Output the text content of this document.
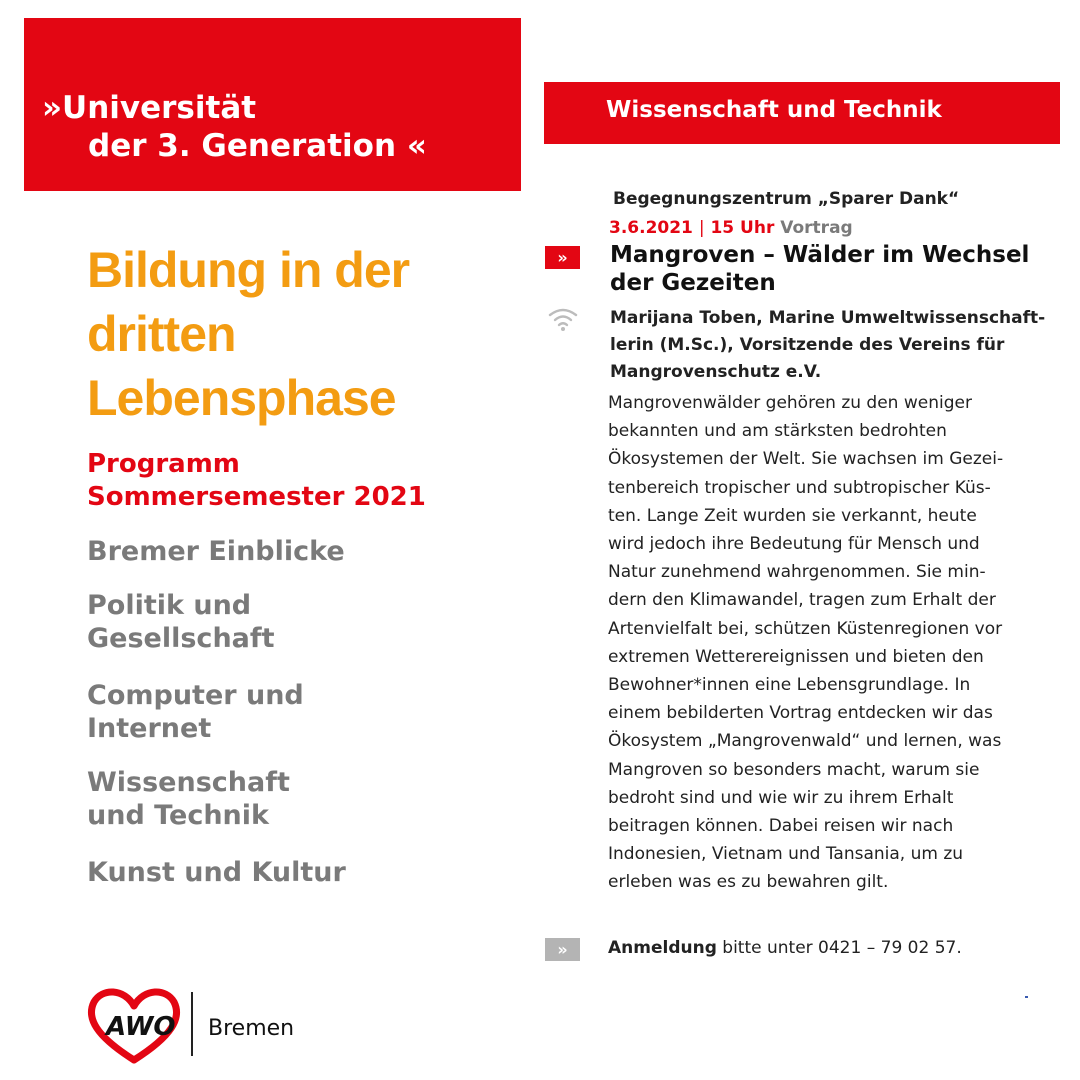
»Universität
der 3. Generation «
Wissenschaft und Technik
Bildung in der
dritten
Lebensphase

Programm
Sommersemester 2021

Bremer Einblicke

Politik und
Gesellschaft

Computer und
Internet

Wissenschaft
und Technik

Kunst und Kultur

AWO Bremen
Begegnungszentrum „Sparer Dank“
3.6.2021 | 15 Uhr Vortrag
»	Mangroven – Wälder im Wechsel
der Gezeiten

Marijana Toben, Marine Umweltwissenschaft-
lerin (M.Sc.), Vorsitzende des Vereins für
Mangrovenschutz e.V.

Mangrovenwälder gehören zu den weniger
bekannten und am stärksten bedrohten
Ökosystemen der Welt. Sie wachsen im Gezei-
tenbereich tropischer und subtropischer Küs-
ten. Lange Zeit wurden sie verkannt, heute
wird jedoch ihre Bedeutung für Mensch und
Natur zunehmend wahrgenommen. Sie min-
dern den Klimawandel, tragen zum Erhalt der
Artenvielfalt bei, schützen Küstenregionen vor
extremen Wetterereignissen und bieten den
Bewohner*innen eine Lebensgrundlage. In
einem bebilderten Vortrag entdecken wir das
Ökosystem „Mangrovenwald“ und lernen, was
Mangroven so besonders macht, warum sie
bedroht sind und wie wir zu ihrem Erhalt
beitragen können. Dabei reisen wir nach
Indonesien, Vietnam und Tansania, um zu
erleben was es zu bewahren gilt.

»	Anmeldung bitte unter 0421 – 79 02 57.
